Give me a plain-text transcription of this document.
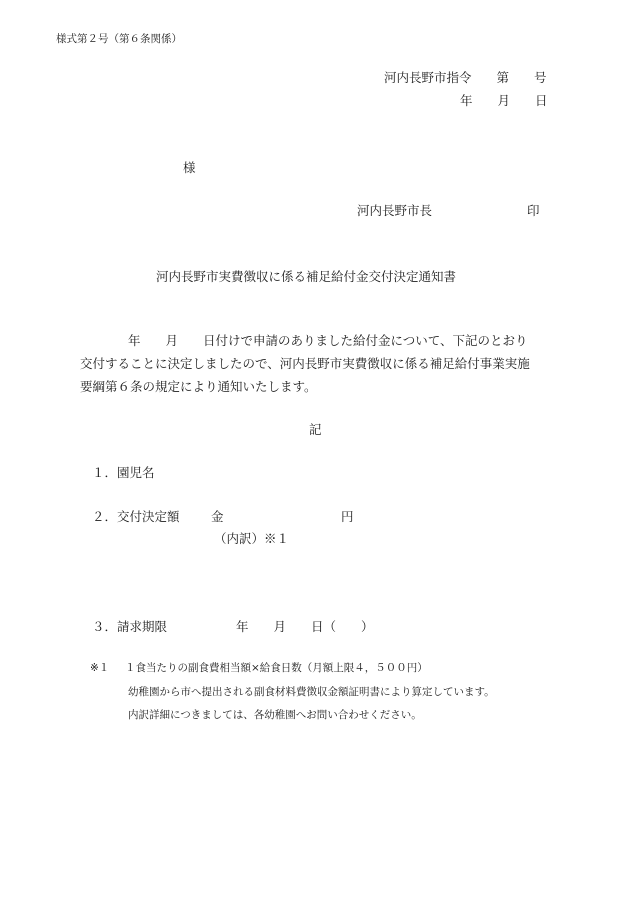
様式第２号（第６条関係）
河内長野市指令　　第　　号
年　　月　　日
様
河内長野市長	印
河内長野市実費徴収に係る補足給付金交付決定通知書
年　　月　　日付けで申請のありました給付金について、下記のとおり
交付することに決定しましたので、河内長野市実費徴収に係る補足給付事業実施
要綱第６条の規定により通知いたします。
記
１．園児名
２．交付決定額	金	円
（内訳）※１
３．請求期限	年　　月　　日（　　）
※１ １食当たりの副食費相当額×給食日数（月額上限４，５００円）
幼稚園から市へ提出される副食材料費徴収金額証明書により算定しています。
内訳詳細につきましては、各幼稚園へお問い合わせください。
